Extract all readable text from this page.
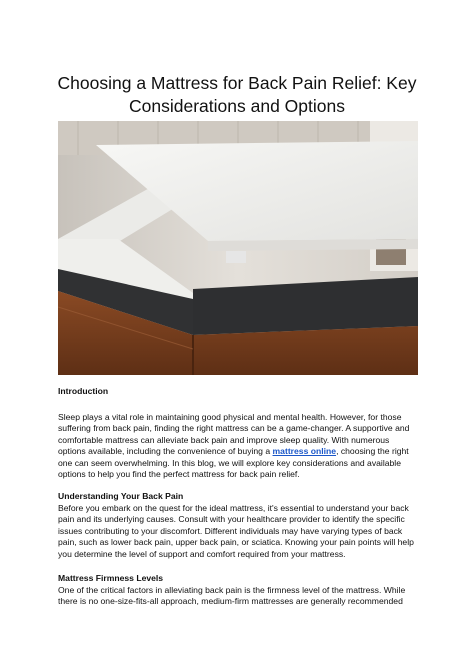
Choosing a Mattress for Back Pain Relief: Key Considerations and Options
Introduction

Sleep plays a vital role in maintaining good physical and mental health. However, for those suffering from back pain, finding the right mattress can be a game-changer. A supportive and comfortable mattress can alleviate back pain and improve sleep quality. With numerous options available, including the convenience of buying a mattress online, choosing the right one can seem overwhelming. In this blog, we will explore key considerations and available options to help you find the perfect mattress for back pain relief.

Understanding Your Back Pain

Before you embark on the quest for the ideal mattress, it's essential to understand your back pain and its underlying causes. Consult with your healthcare provider to identify the specific issues contributing to your discomfort. Different individuals may have varying types of back pain, such as lower back pain, upper back pain, or sciatica. Knowing your pain points will help you determine the level of support and comfort required from your mattress.

Mattress Firmness Levels

One of the critical factors in alleviating back pain is the firmness level of the mattress. While there is no one-size-fits-all approach, medium-firm mattresses are generally recommended
